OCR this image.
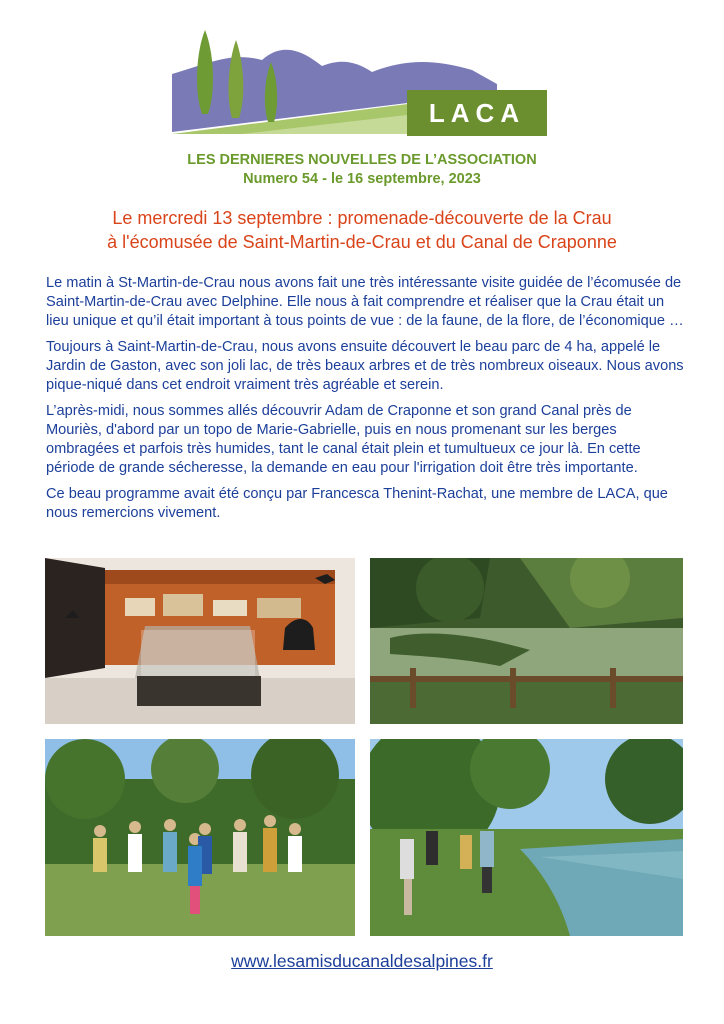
LACA

LES DERNIERES NOUVELLES DE L’ASSOCIATION

Numero 54 - le 16 septembre, 2023

Le mercredi 13 septembre : promenade-découverte de la Crau
à l'écomusée de Saint-Martin-de-Crau et du Canal de Craponne

Le matin à St-Martin-de-Crau nous avons fait une très intéressante visite guidée de l’écomusée de Saint-Martin-de-Crau avec Delphine. Elle nous à fait comprendre et réaliser que la Crau était un lieu unique et qu’il était important à tous points de vue : de la faune, de la flore, de l’économique …

Toujours à Saint-Martin-de-Crau, nous avons ensuite découvert le beau parc de 4 ha, appelé le Jardin de Gaston, avec son joli lac, de très beaux arbres et de très nombreux oiseaux. Nous avons pique-niqué dans cet endroit vraiment très agréable et serein.

L’après-midi, nous sommes allés découvrir Adam de Craponne et son grand Canal près de Mouriès, d'abord par un topo de Marie-Gabrielle, puis en nous promenant sur les berges ombragées et parfois très humides, tant le canal était plein et tumultueux ce jour là. En cette période de grande sécheresse, la demande en eau pour l'irrigation doit être très importante.

Ce beau programme avait été conçu par Francesca Thenint-Rachat, une membre de LACA, que nous remercions vivement.

www.lesamisducanaldesalpines.fr
